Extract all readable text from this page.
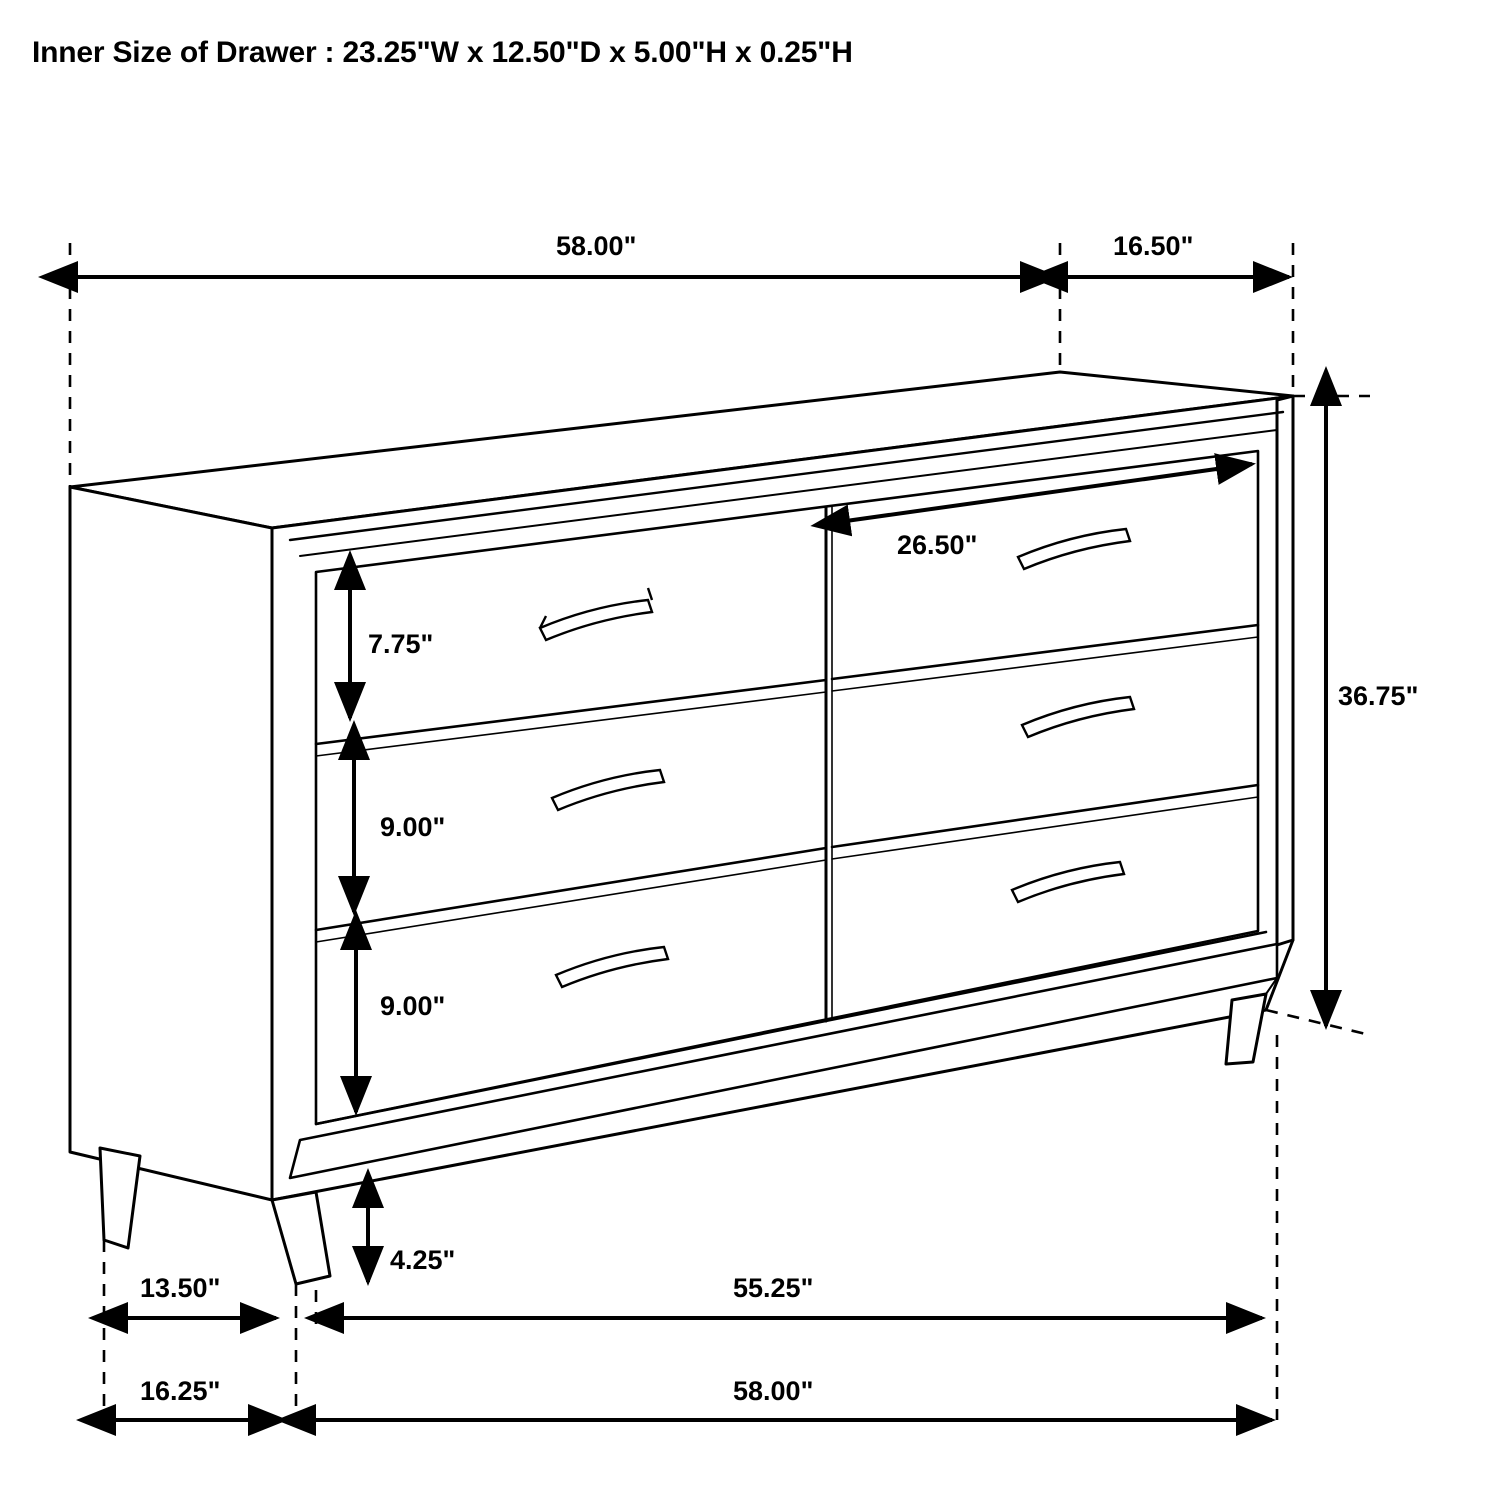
Inner Size of Drawer : 23.25"W x 12.50"D x 5.00"H x 0.25"H
58.00"	16.50"
26.50"
7.75"
36.75"
9.00"
9.00"
4.25"
13.50"	55.25"
16.25"	58.00"
